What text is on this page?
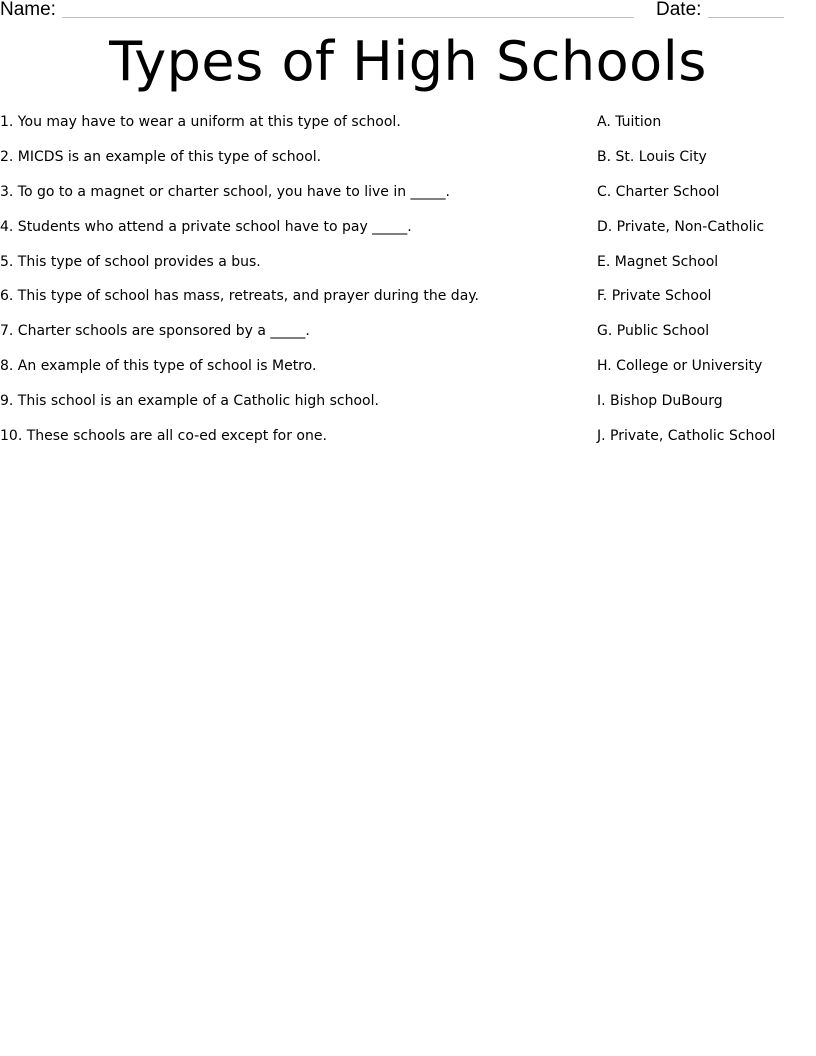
Name:	Date:
Types of High Schools
1. You may have to wear a uniform at this type of school.
2. MICDS is an example of this type of school.
3. To go to a magnet or charter school, you have to live in _____.
4. Students who attend a private school have to pay _____.
5. This type of school provides a bus.
6. This type of school has mass, retreats, and prayer during the day.
7. Charter schools are sponsored by a _____.
8. An example of this type of school is Metro.
9. This school is an example of a Catholic high school.
10. These schools are all co-ed except for one.
A. Tuition
B. St. Louis City
C. Charter School
D. Private, Non-Catholic
E. Magnet School
F. Private School
G. Public School
H. College or University
I. Bishop DuBourg
J. Private, Catholic School
